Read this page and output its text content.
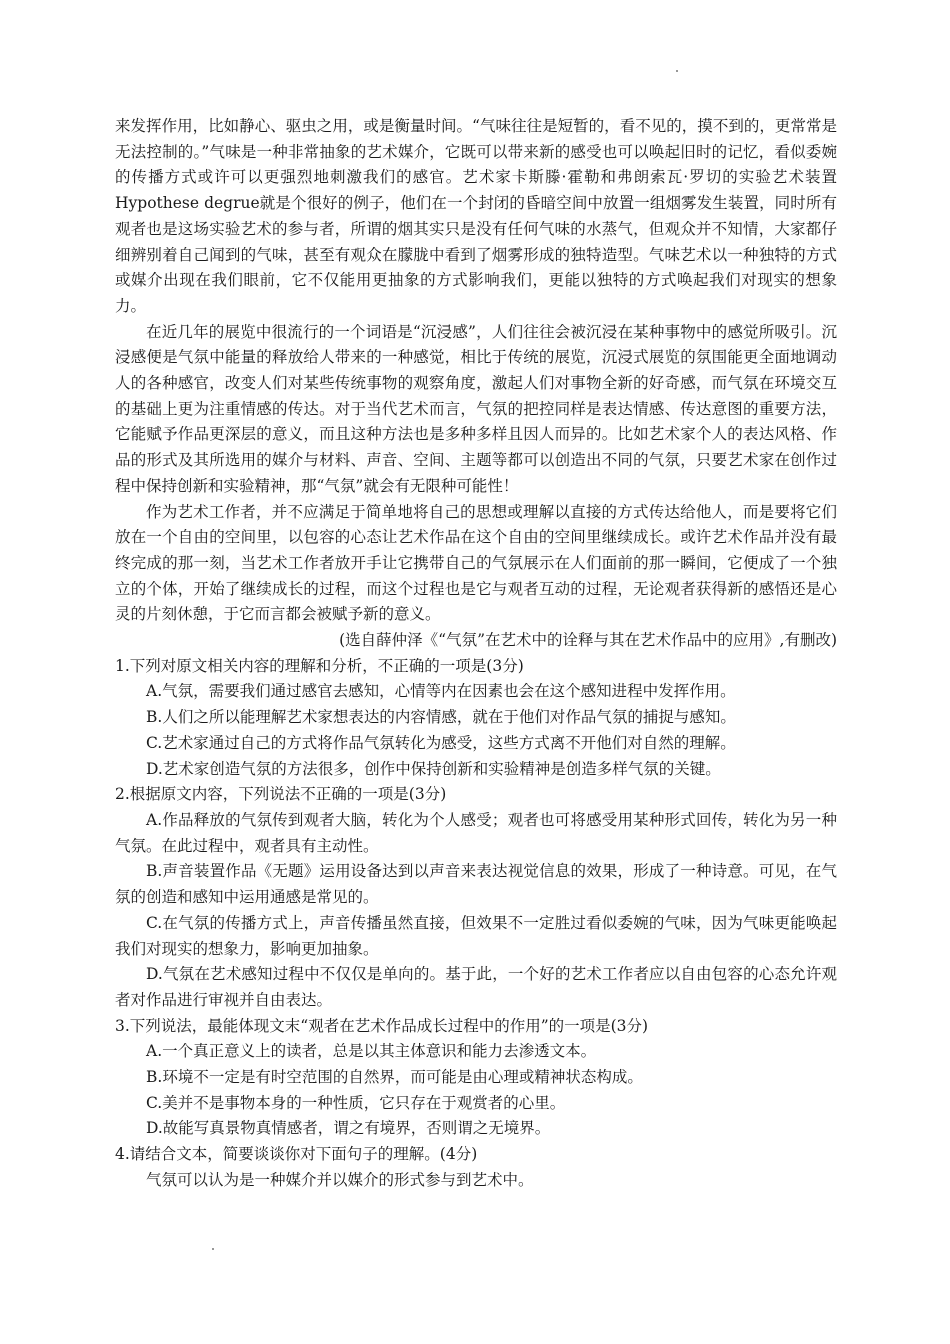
来发挥作用，比如静心、驱虫之用，或是衡量时间。“气味往往是短暂的，看不见的，摸不到的，更常常是无法控制的。”气味是一种非常抽象的艺术媒介，它既可以带来新的感受也可以唤起旧时的记忆，看似委婉的传播方式或许可以更强烈地刺激我们的感官。艺术家卡斯滕·霍勒和弗朗索瓦·罗切的实验艺术装置Hypothese degrue就是个很好的例子，他们在一个封闭的昏暗空间中放置一组烟雾发生装置，同时所有观者也是这场实验艺术的参与者，所谓的烟其实只是没有任何气味的水蒸气，但观众并不知情，大家都仔细辨别着自己闻到的气味，甚至有观众在朦胧中看到了烟雾形成的独特造型。气味艺术以一种独特的方式或媒介出现在我们眼前，它不仅能用更抽象的方式影响我们，更能以独特的方式唤起我们对现实的想象力。

在近几年的展览中很流行的一个词语是“沉浸感”，人们往往会被沉浸在某种事物中的感觉所吸引。沉浸感便是气氛中能量的释放给人带来的一种感觉，相比于传统的展览，沉浸式展览的氛围能更全面地调动人的各种感官，改变人们对某些传统事物的观察角度，激起人们对事物全新的好奇感，而气氛在环境交互的基础上更为注重情感的传达。对于当代艺术而言，气氛的把控同样是表达情感、传达意图的重要方法，它能赋予作品更深层的意义，而且这种方法也是多种多样且因人而异的。比如艺术家个人的表达风格、作品的形式及其所选用的媒介与材料、声音、空间、主题等都可以创造出不同的气氛，只要艺术家在创作过程中保持创新和实验精神，那“气氛”就会有无限种可能性！

作为艺术工作者，并不应满足于简单地将自己的思想或理解以直接的方式传达给他人，而是要将它们放在一个自由的空间里，以包容的心态让艺术作品在这个自由的空间里继续成长。或许艺术作品并没有最终完成的那一刻，当艺术工作者放开手让它携带自己的气氛展示在人们面前的那一瞬间，它便成了一个独立的个体，开始了继续成长的过程，而这个过程也是它与观者互动的过程，无论观者获得新的感悟还是心灵的片刻休憩，于它而言都会被赋予新的意义。

(选自薛仲泽《“气氛”在艺术中的诠释与其在艺术作品中的应用》,有删改)

1.下列对原文相关内容的理解和分析，不正确的一项是(3分)

A.气氛，需要我们通过感官去感知，心情等内在因素也会在这个感知进程中发挥作用。

B.人们之所以能理解艺术家想表达的内容情感，就在于他们对作品气氛的捕捉与感知。

C.艺术家通过自己的方式将作品气氛转化为感受，这些方式离不开他们对自然的理解。

D.艺术家创造气氛的方法很多，创作中保持创新和实验精神是创造多样气氛的关键。

2.根据原文内容，下列说法不正确的一项是(3分)

A.作品释放的气氛传到观者大脑，转化为个人感受；观者也可将感受用某种形式回传，转化为另一种气氛。在此过程中，观者具有主动性。

B.声音装置作品《无题》运用设备达到以声音来表达视觉信息的效果，形成了一种诗意。可见，在气氛的创造和感知中运用通感是常见的。

C.在气氛的传播方式上，声音传播虽然直接，但效果不一定胜过看似委婉的气味，因为气味更能唤起我们对现实的想象力，影响更加抽象。

D.气氛在艺术感知过程中不仅仅是单向的。基于此，一个好的艺术工作者应以自由包容的心态允许观者对作品进行审视并自由表达。

3.下列说法，最能体现文末“观者在艺术作品成长过程中的作用”的一项是(3分)

A.一个真正意义上的读者，总是以其主体意识和能力去渗透文本。

B.环境不一定是有时空范围的自然界，而可能是由心理或精神状态构成。

C.美并不是事物本身的一种性质，它只存在于观赏者的心里。

D.故能写真景物真情感者，谓之有境界，否则谓之无境界。

4.请结合文本，简要谈谈你对下面句子的理解。(4分)

气氛可以认为是一种媒介并以媒介的形式参与到艺术中。
